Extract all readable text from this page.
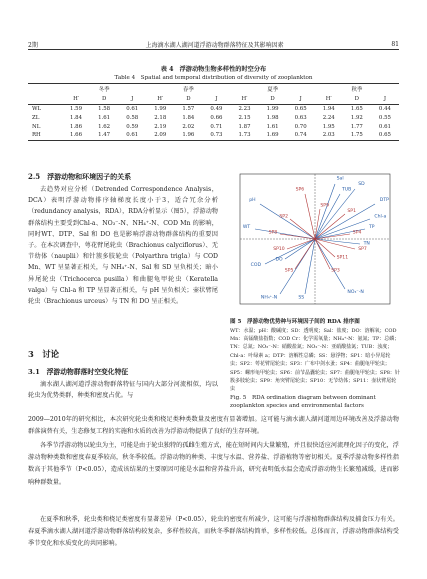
2期	上海滴水湖人湖河道浮游动物群落特征及其影响因素	81
表 4　浮游动物生物多样性的时空分布
Table 4　Spatial and temporal distribution of diversity of zooplankton
	冬季			春季			夏季			秋季		
	H′	D	J	H′	D	J	H′	D	J	H′	D	J
WL	1.59	1.58	0.61	1.99	1.57	0.49	2.23	1.99	0.65	1.94	1.65	0.44
ZL	1.84	1.61	0.58	2.18	1.84	0.66	2.15	1.98	0.63	2.24	1.92	0.55
NL	1.86	1.62	0.59	2.19	2.02	0.71	1.87	1.61	0.70	1.95	1.77	0.61
RH	1.66	1.47	0.61	2.09	1.96	0.73	1.73	1.69	0.74	2.03	1.75	0.65
2.5　浮游动物和环境因子的关系
去趋势对应分析（Detrended Correspondence Analysis，DCA）表明浮游动物排序轴梯度长度小于3，适合冗余分析（redundancy analysis，RDA），RDA分析显示（图5），浮游动物群落结构主要受到Chl-a、NO₃⁻-N、NH₄⁺-N、COD Mn 的影响，同时WT、DTP、Sal 和 DO 也是影响浮游动物群落结构的重要因子。在本次调查中，萼花臂尾轮虫（Brachionus calyciflorus）、无节幼体（nauplii）和针簇多肢轮虫（Polyarthra trigla）与 COD Mn、WT 呈显著正相关，与 NH₄⁺-N、Sal 和 SD 呈负相关；暗小异尾轮虫（Trichocerca pusilla）和曲腿龟甲轮虫（Keratella valga）与 Chl-a 和 TP 呈显著正相关，与 pH 呈负相关；壶状臂尾轮虫（Brachionus urceus）与 TN 和 DO 呈正相关。
SD
Sal
pH
WT
DO
Chl-a
TP
TN
DTP
NH₄⁺-N
NO₃⁻-N
COD
TUB
SS
SP1
SP2
SP3
SP4
SP5
SP6
SP7
SP8
SP9
SP10
SP11
图 5　浮游动物优势种与环境因子间的 RDA 排序图
WT：水温；pH：酸碱度；SD：透明度；Sal：盐度；DO：溶解氧；COD Mn：高锰酸盐指数；COD Cr：化学需氧量；NH₄⁺-N：氨氮；TP：总磷；TN：总氮；NO₃⁻-N：硝酸盐氮；NO₂⁻-N：亚硝酸盐氮；TUB：浊度；Chl-a：叶绿素 a；DTP：溶解性总磷；SS：悬浮物；SP1：暗小异尾轮虫；SP2：萼花臂尾轮虫；SP3：广布中剑水蚤；SP4：曲腿龟甲轮虫；SP5：螺形龟甲轮虫；SP6：前节晶囊轮虫；SP7：曲腿龟甲轮虫；SP8：针簇多肢轮虫；SP9：角突臂尾轮虫；SP10：无节幼体；SP11：壶状臂尾轮虫
Fig. 5　RDA ordination diagram between dominant zooplankton species and environmental factors
3　讨论
3.1　浮游动物群落时空变化特征
滴水湖人湖河道浮游动物群落特征与国内大部分河流相似，均以轮虫为优势类群，种类和密度占优。与
2009—2010年的研究相比，本次研究轮虫类和桡足类种类数量及密度有显著增加。这可能与滴水湖人湖河道周边环境改善及浮游动物群落演替有关，生态修复工程的实施和水质的改善为浮游动物提供了良好的生存环境。
各季节浮游动物以轮虫为主，可能是由于轮虫独特的孤雌生殖方式，能在短时间内大量繁殖，并且很快适应河流理化因子的变化，浮游动物种类数和密度春夏季较高，秋冬季较低。浮游动物的种类、丰度与水温、营养盐、浮游植物等密切相关。夏季浮游动物多样性指数高于其他季节（P<0.05），造成该结果的主要原因可能是水温和营养盐升高，研究表明低水温会造成浮游动物生长繁殖减缓，进而影响种群数量。
在夏季和秋季，轮虫类和桡足类密度有显著差异（P<0.05），轮虫的密度有所减少，这可能与浮游植物群落结构及捕食压力有关。春夏季滴水湖人湖河道浮游动物群落结构较复杂，多样性较高，而秋冬季群落结构简单，多样性较低。总体而言，浮游动物群落结构受季节变化和水质变化的共同影响。
